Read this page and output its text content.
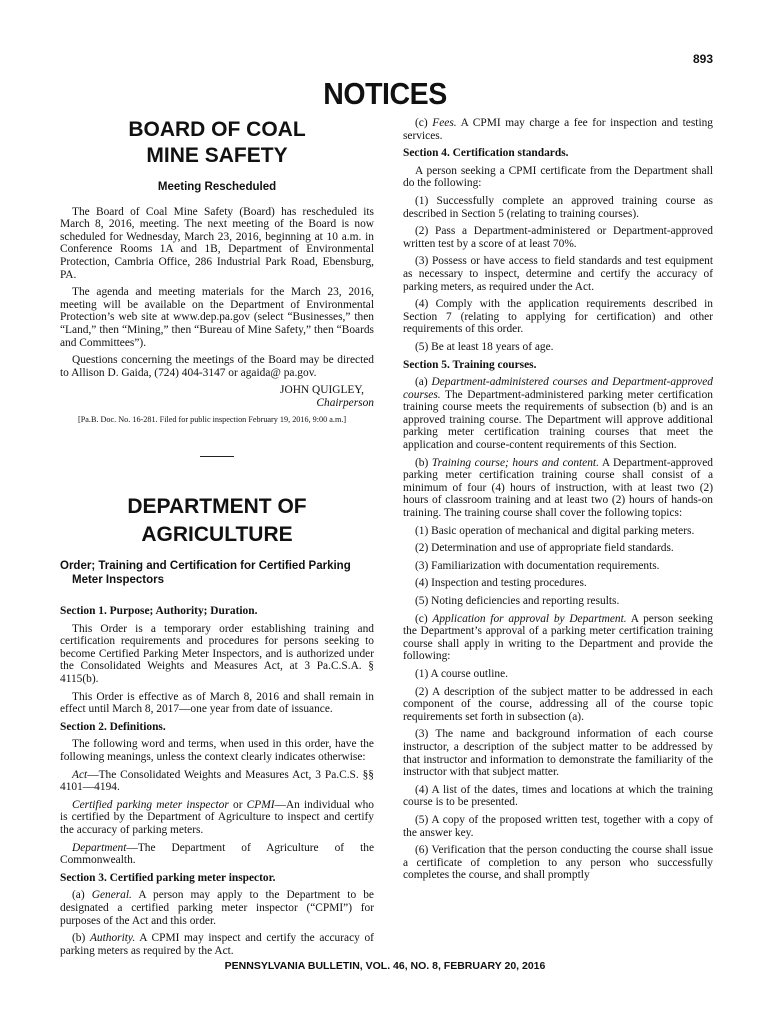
893
NOTICES
BOARD OF COAL
MINE SAFETY
Meeting Rescheduled

The Board of Coal Mine Safety (Board) has rescheduled its March 8, 2016, meeting. The next meeting of the Board is now scheduled for Wednesday, March 23, 2016, beginning at 10 a.m. in Conference Rooms 1A and 1B, Department of Environmental Protection, Cambria Office, 286 Industrial Park Road, Ebensburg, PA.

The agenda and meeting materials for the March 23, 2016, meeting will be available on the Department of Environmental Protection’s web site at www.dep.pa.gov (select “Businesses,” then “Land,” then “Mining,” then “Bureau of Mine Safety,” then “Boards and Committees”).

Questions concerning the meetings of the Board may be directed to Allison D. Gaida, (724) 404-3147 or agaida@ pa.gov.

JOHN QUIGLEY,
Chairperson

[Pa.B. Doc. No. 16-281. Filed for public inspection February 19, 2016, 9:00 a.m.]

DEPARTMENT OF
AGRICULTURE
Order; Training and Certification for Certified Parking Meter Inspectors

Section 1. Purpose; Authority; Duration.

This Order is a temporary order establishing training and certification requirements and procedures for persons seeking to become Certified Parking Meter Inspectors, and is authorized under the Consolidated Weights and Measures Act, at 3 Pa.C.S.A. § 4115(b).

This Order is effective as of March 8, 2016 and shall remain in effect until March 8, 2017—one year from date of issuance.

Section 2. Definitions.

The following word and terms, when used in this order, have the following meanings, unless the context clearly indicates otherwise:

Act—The Consolidated Weights and Measures Act, 3 Pa.C.S. §§ 4101—4194.

Certified parking meter inspector or CPMI—An individual who is certified by the Department of Agriculture to inspect and certify the accuracy of parking meters.

Department—The Department of Agriculture of the Commonwealth.

Section 3. Certified parking meter inspector.

(a) General. A person may apply to the Department to be designated a certified parking meter inspector (“CPMI”) for purposes of the Act and this order.

(b) Authority. A CPMI may inspect and certify the accuracy of parking meters as required by the Act.

(c) Fees. A CPMI may charge a fee for inspection and testing services.

Section 4. Certification standards.

A person seeking a CPMI certificate from the Department shall do the following:

(1) Successfully complete an approved training course as described in Section 5 (relating to training courses).

(2) Pass a Department-administered or Department-approved written test by a score of at least 70%.

(3) Possess or have access to field standards and test equipment as necessary to inspect, determine and certify the accuracy of parking meters, as required under the Act.

(4) Comply with the application requirements described in Section 7 (relating to applying for certification) and other requirements of this order.

(5) Be at least 18 years of age.

Section 5. Training courses.

(a) Department-administered courses and Department-approved courses. The Department-administered parking meter certification training course meets the requirements of subsection (b) and is an approved training course. The Department will approve additional parking meter certification training courses that meet the application and course-content requirements of this Section.

(b) Training course; hours and content. A Department-approved parking meter certification training course shall consist of a minimum of four (4) hours of instruction, with at least two (2) hours of classroom training and at least two (2) hours of hands-on training. The training course shall cover the following topics:

(1) Basic operation of mechanical and digital parking meters.

(2) Determination and use of appropriate field standards.

(3) Familiarization with documentation requirements.

(4) Inspection and testing procedures.

(5) Noting deficiencies and reporting results.

(c) Application for approval by Department. A person seeking the Department’s approval of a parking meter certification training course shall apply in writing to the Department and provide the following:

(1) A course outline.

(2) A description of the subject matter to be addressed in each component of the course, addressing all of the course topic requirements set forth in subsection (a).

(3) The name and background information of each course instructor, a description of the subject matter to be addressed by that instructor and information to demonstrate the familiarity of the instructor with that subject matter.

(4) A list of the dates, times and locations at which the training course is to be presented.

(5) A copy of the proposed written test, together with a copy of the answer key.

(6) Verification that the person conducting the course shall issue a certificate of completion to any person who successfully completes the course, and shall promptly

PENNSYLVANIA BULLETIN, VOL. 46, NO. 8, FEBRUARY 20, 2016
